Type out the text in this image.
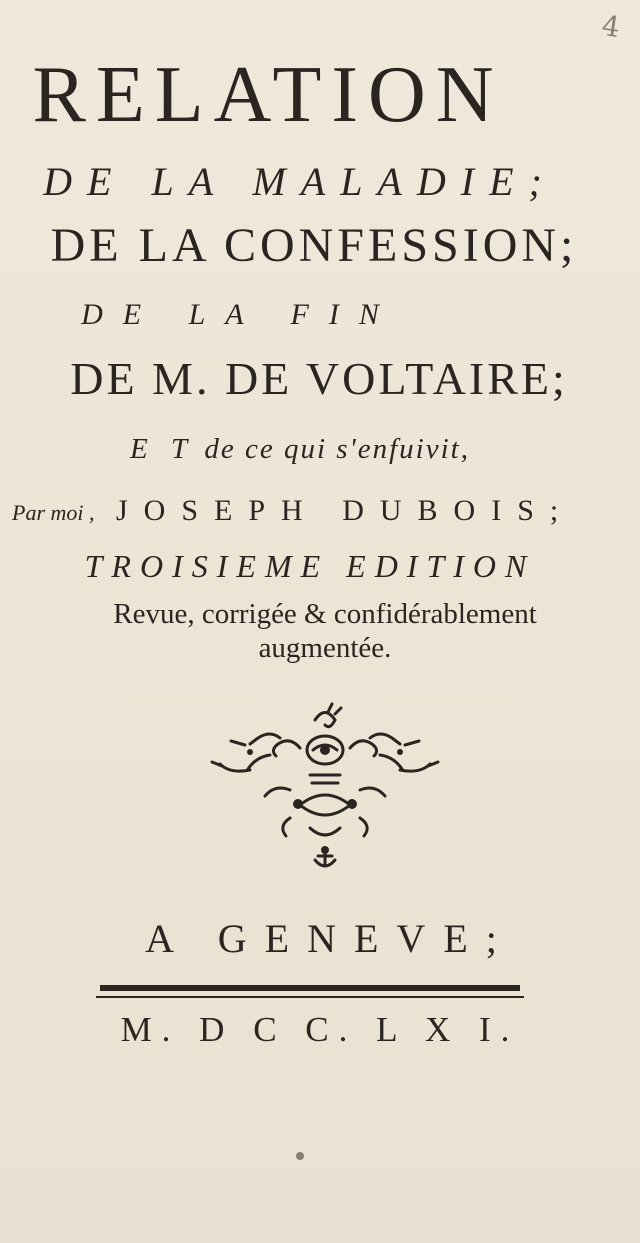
4
RELATION
DE LA MALADIE;
DE LA CONFESSION;
DE LA FIN
DE M. DE VOLTAIRE;
E T de ce qui s'enfuivit,
Par moi , JOSEPH DUBOIS;
TROISIEME EDITION
Revue, corrigée & confidérablement
augmentée.
A GENEVE;
M. D C C. L X I.
